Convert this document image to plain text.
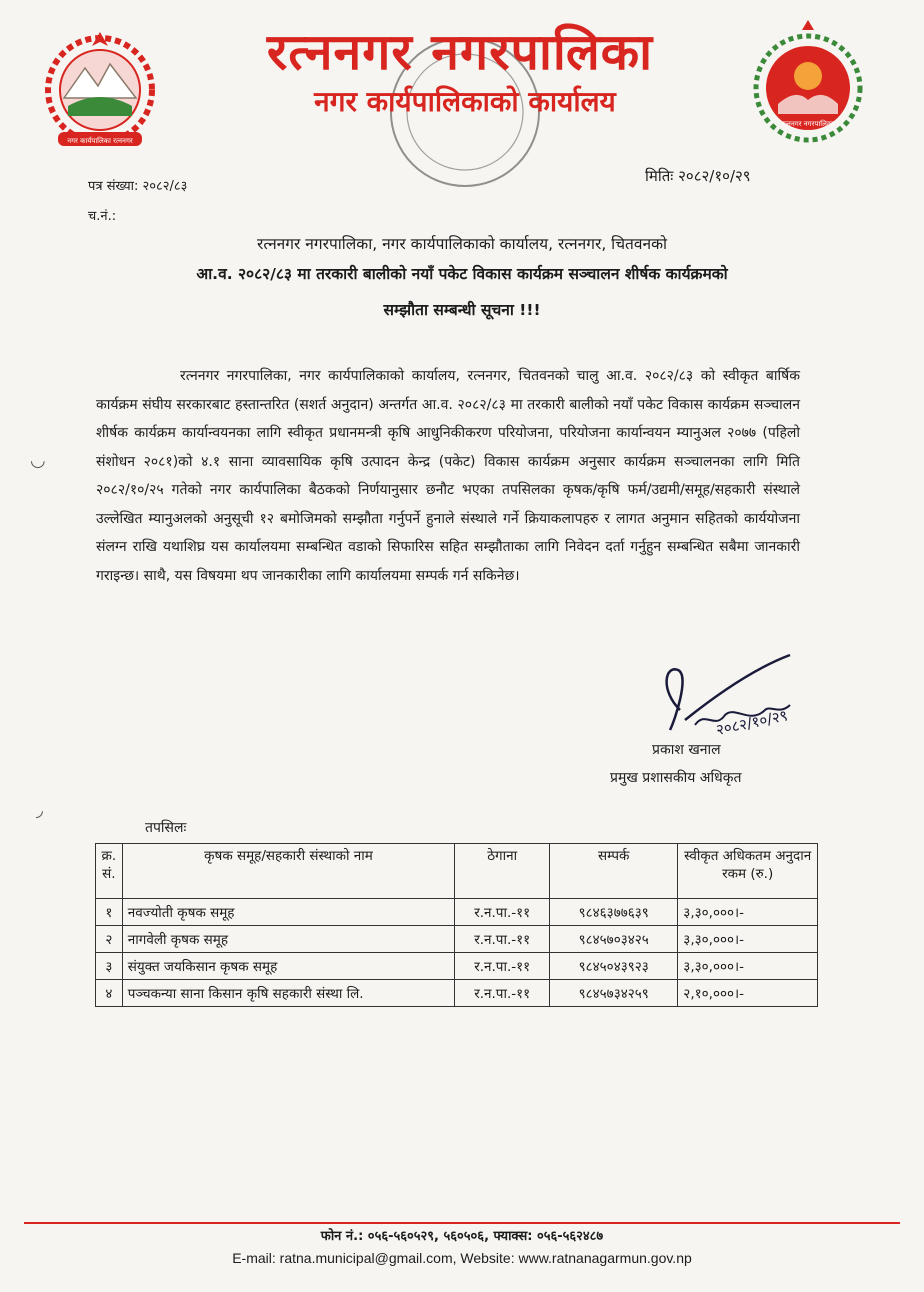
नगर कार्यपालिका रत्ननगर
रत्ननगर नगरपालिका
रत्ननगर नगरपालिका
नगर कार्यपालिकाको कार्यालय
पत्र संख्या: २०८२/८३
च.नं.:
मितिः २०८२/१०/२९
रत्ननगर नगरपालिका, नगर कार्यपालिकाको कार्यालय, रत्ननगर, चितवनको
आ.व. २०८२/८३ मा तरकारी बालीको नयाँ पकेट विकास कार्यक्रम सञ्चालन शीर्षक कार्यक्रमको
सम्झौता सम्बन्धी सूचना !!!
◡
रत्ननगर नगरपालिका, नगर कार्यपालिकाको कार्यालय, रत्ननगर, चितवनको चालु आ.व. २०८२/८३ को स्वीकृत बार्षिक कार्यक्रम संघीय सरकारबाट हस्तान्तरित (सशर्त अनुदान) अन्तर्गत आ.व. २०८२/८३ मा तरकारी बालीको नयाँ पकेट विकास कार्यक्रम सञ्चालन शीर्षक कार्यक्रम कार्यान्वयनका लागि स्वीकृत प्रधानमन्त्री कृषि आधुनिकीकरण परियोजना, परियोजना कार्यान्वयन म्यानुअल २०७७ (पहिलो संशोधन २०८१)को ४.१ साना व्यावसायिक कृषि उत्पादन केन्द्र (पकेट) विकास कार्यक्रम अनुसार कार्यक्रम सञ्चालनका लागि मिति २०८२/१०/२५ गतेको नगर कार्यपालिका बैठकको निर्णयानुसार छनौट भएका तपसिलका कृषक/कृषि फर्म/उद्यमी/समूह/सहकारी संस्थाले उल्लेखित म्यानुअलको अनुसूची १२ बमोजिमको सम्झौता गर्नुपर्ने हुनाले संस्थाले गर्ने क्रियाकलापहरु र लागत अनुमान सहितको कार्ययोजना संलग्न राखि यथाशिघ्र यस कार्यालयमा सम्बन्धित वडाको सिफारिस सहित सम्झौताका लागि निवेदन दर्ता गर्नुहुन सम्बन्धित सबैमा जानकारी गराइन्छ। साथै, यस विषयमा थप जानकारीका लागि कार्यालयमा सम्पर्क गर्न सकिनेछ।
२०८२/१०/२९
प्रकाश खनाल
प्रमुख प्रशासकीय अधिकृत
◞
तपसिलः
क्र. सं.	कृषक समूह/सहकारी संस्थाको नाम	ठेगाना	सम्पर्क	स्वीकृत अधिकतम अनुदान रकम (रु.)
१	नवज्योती कृषक समूह	र.न.पा.-११	९८४६३७७६३९	३,३०,०००।-
२	नागवेली कृषक समूह	र.न.पा.-११	९८४५७०३४२५	३,३०,०००।-
३	संयुक्त जयकिसान कृषक समूह	र.न.पा.-११	९८४५०४३९२३	३,३०,०००।-
४	पञ्चकन्या साना किसान कृषि सहकारी संस्था लि.	र.न.पा.-११	९८४५७३४२५९	२,१०,०००।-
फोन नं.: ०५६-५६०५२९, ५६०५०६, फ्याक्स: ०५६-५६२४८७
E-mail: ratna.municipal@gmail.com, Website: www.ratnanagarmun.gov.np
